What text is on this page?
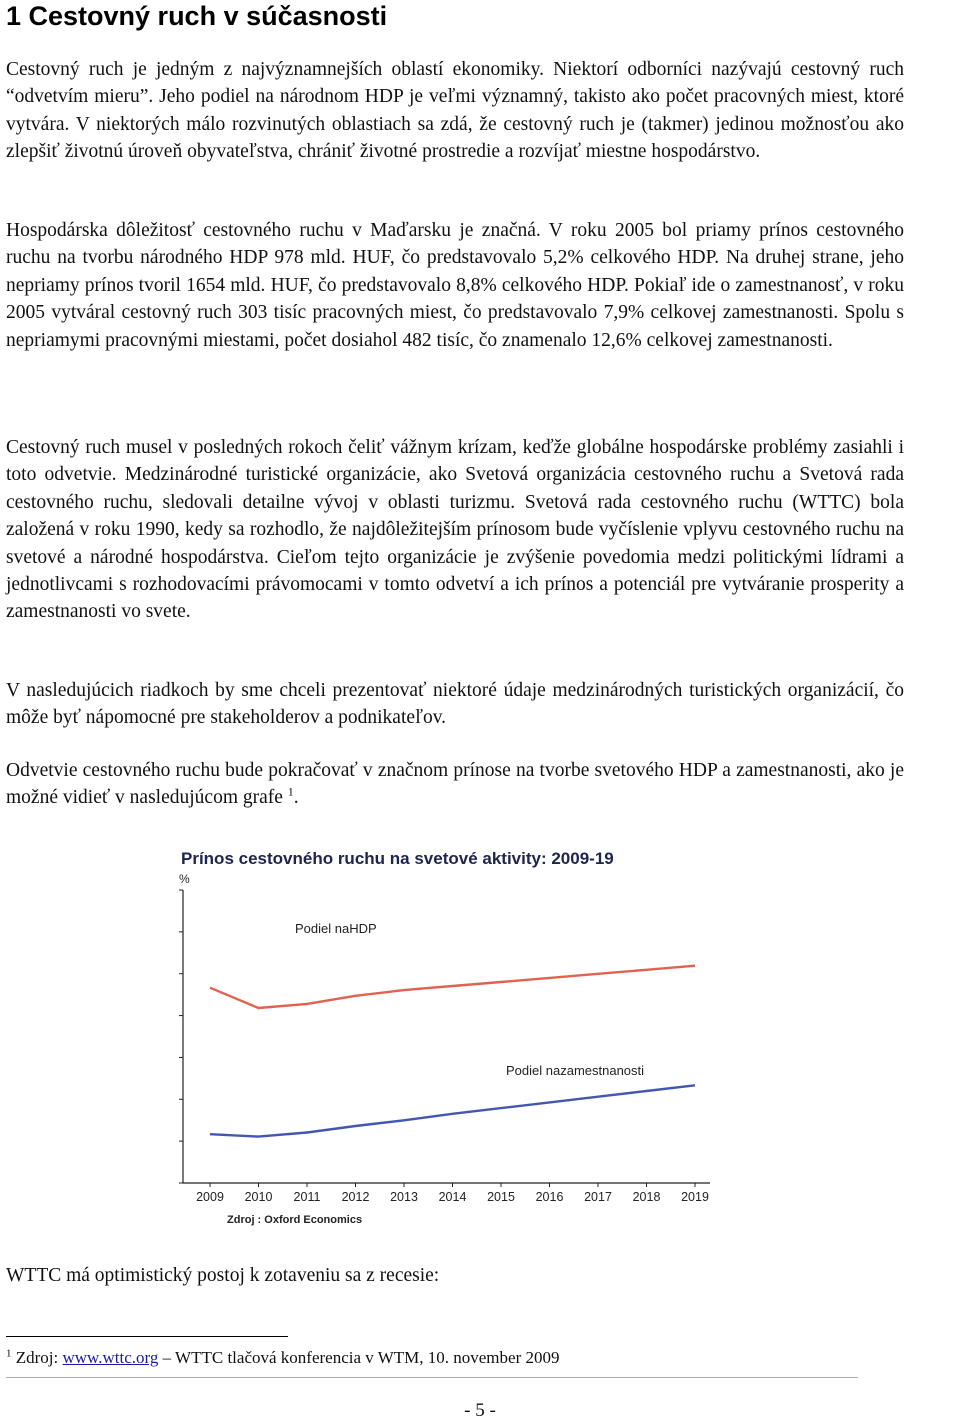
1 Cestovný ruch v súčasnosti

Cestovný ruch je jedným z najvýznamnejších oblastí ekonomiky. Niektorí odborníci nazývajú cestovný ruch “odvetvím mieru”. Jeho podiel na národnom HDP je veľmi významný, takisto ako počet pracovných miest, ktoré vytvára. V niektorých málo rozvinutých oblastiach sa zdá, že cestovný ruch je (takmer) jedinou možnosťou ako zlepšiť životnú úroveň obyvateľstva, chrániť životné prostredie a rozvíjať miestne hospodárstvo.

Hospodárska dôležitosť cestovného ruchu v Maďarsku je značná. V roku 2005 bol priamy prínos cestovného ruchu na tvorbu národného HDP 978 mld. HUF, čo predstavovalo 5,2% celkového HDP. Na druhej strane, jeho nepriamy prínos tvoril 1654 mld. HUF, čo predstavovalo 8,8% celkového HDP. Pokiaľ ide o zamestnanosť, v roku 2005 vytváral cestovný ruch 303 tisíc pracovných miest, čo predstavovalo 7,9% celkovej zamestnanosti. Spolu s nepriamymi pracovnými miestami, počet dosiahol 482 tisíc, čo znamenalo 12,6% celkovej zamestnanosti.

Cestovný ruch musel v posledných rokoch čeliť vážnym krízam, keďže globálne hospodárske problémy zasiahli i toto odvetvie. Medzinárodné turistické organizácie, ako Svetová organizácia cestovného ruchu a Svetová rada cestovného ruchu, sledovali detailne vývoj v oblasti turizmu. Svetová rada cestovného ruchu (WTTC) bola založená v roku 1990, kedy sa rozhodlo, že najdôležitejším prínosom bude vyčíslenie vplyvu cestovného ruchu na svetové a národné hospodárstva. Cieľom tejto organizácie je zvýšenie povedomia medzi politickými lídrami a jednotlivcami s rozhodovacími právomocami v tomto odvetví a ich prínos a potenciál pre vytváranie prosperity a zamestnanosti vo svete.

V nasledujúcich riadkoch by sme chceli prezentovať niektoré údaje medzinárodných turistických organizácií, čo môže byť nápomocné pre stakeholderov a podnikateľov.

Odvetvie cestovného ruchu bude pokračovať v značnom prínose na tvorbe svetového HDP a zamestnanosti, ako je možné vidieť v nasledujúcom grafe $^1$.

Prínos cestovného ruchu na svetové aktivity: 2009-19
%
2009 2010 2011 2012 2013 2014 2015 2016 2017 2018 2019
Podiel naHDP
Podiel nazamestnanosti
Zdroj : Oxford Economics

WTTC má optimistický postoj k zotaveniu sa z recesie:

$^1$ Zdroj: www.wttc.org – WTTC tlačová konferencia v WTM, 10. november 2009

- 5 -
